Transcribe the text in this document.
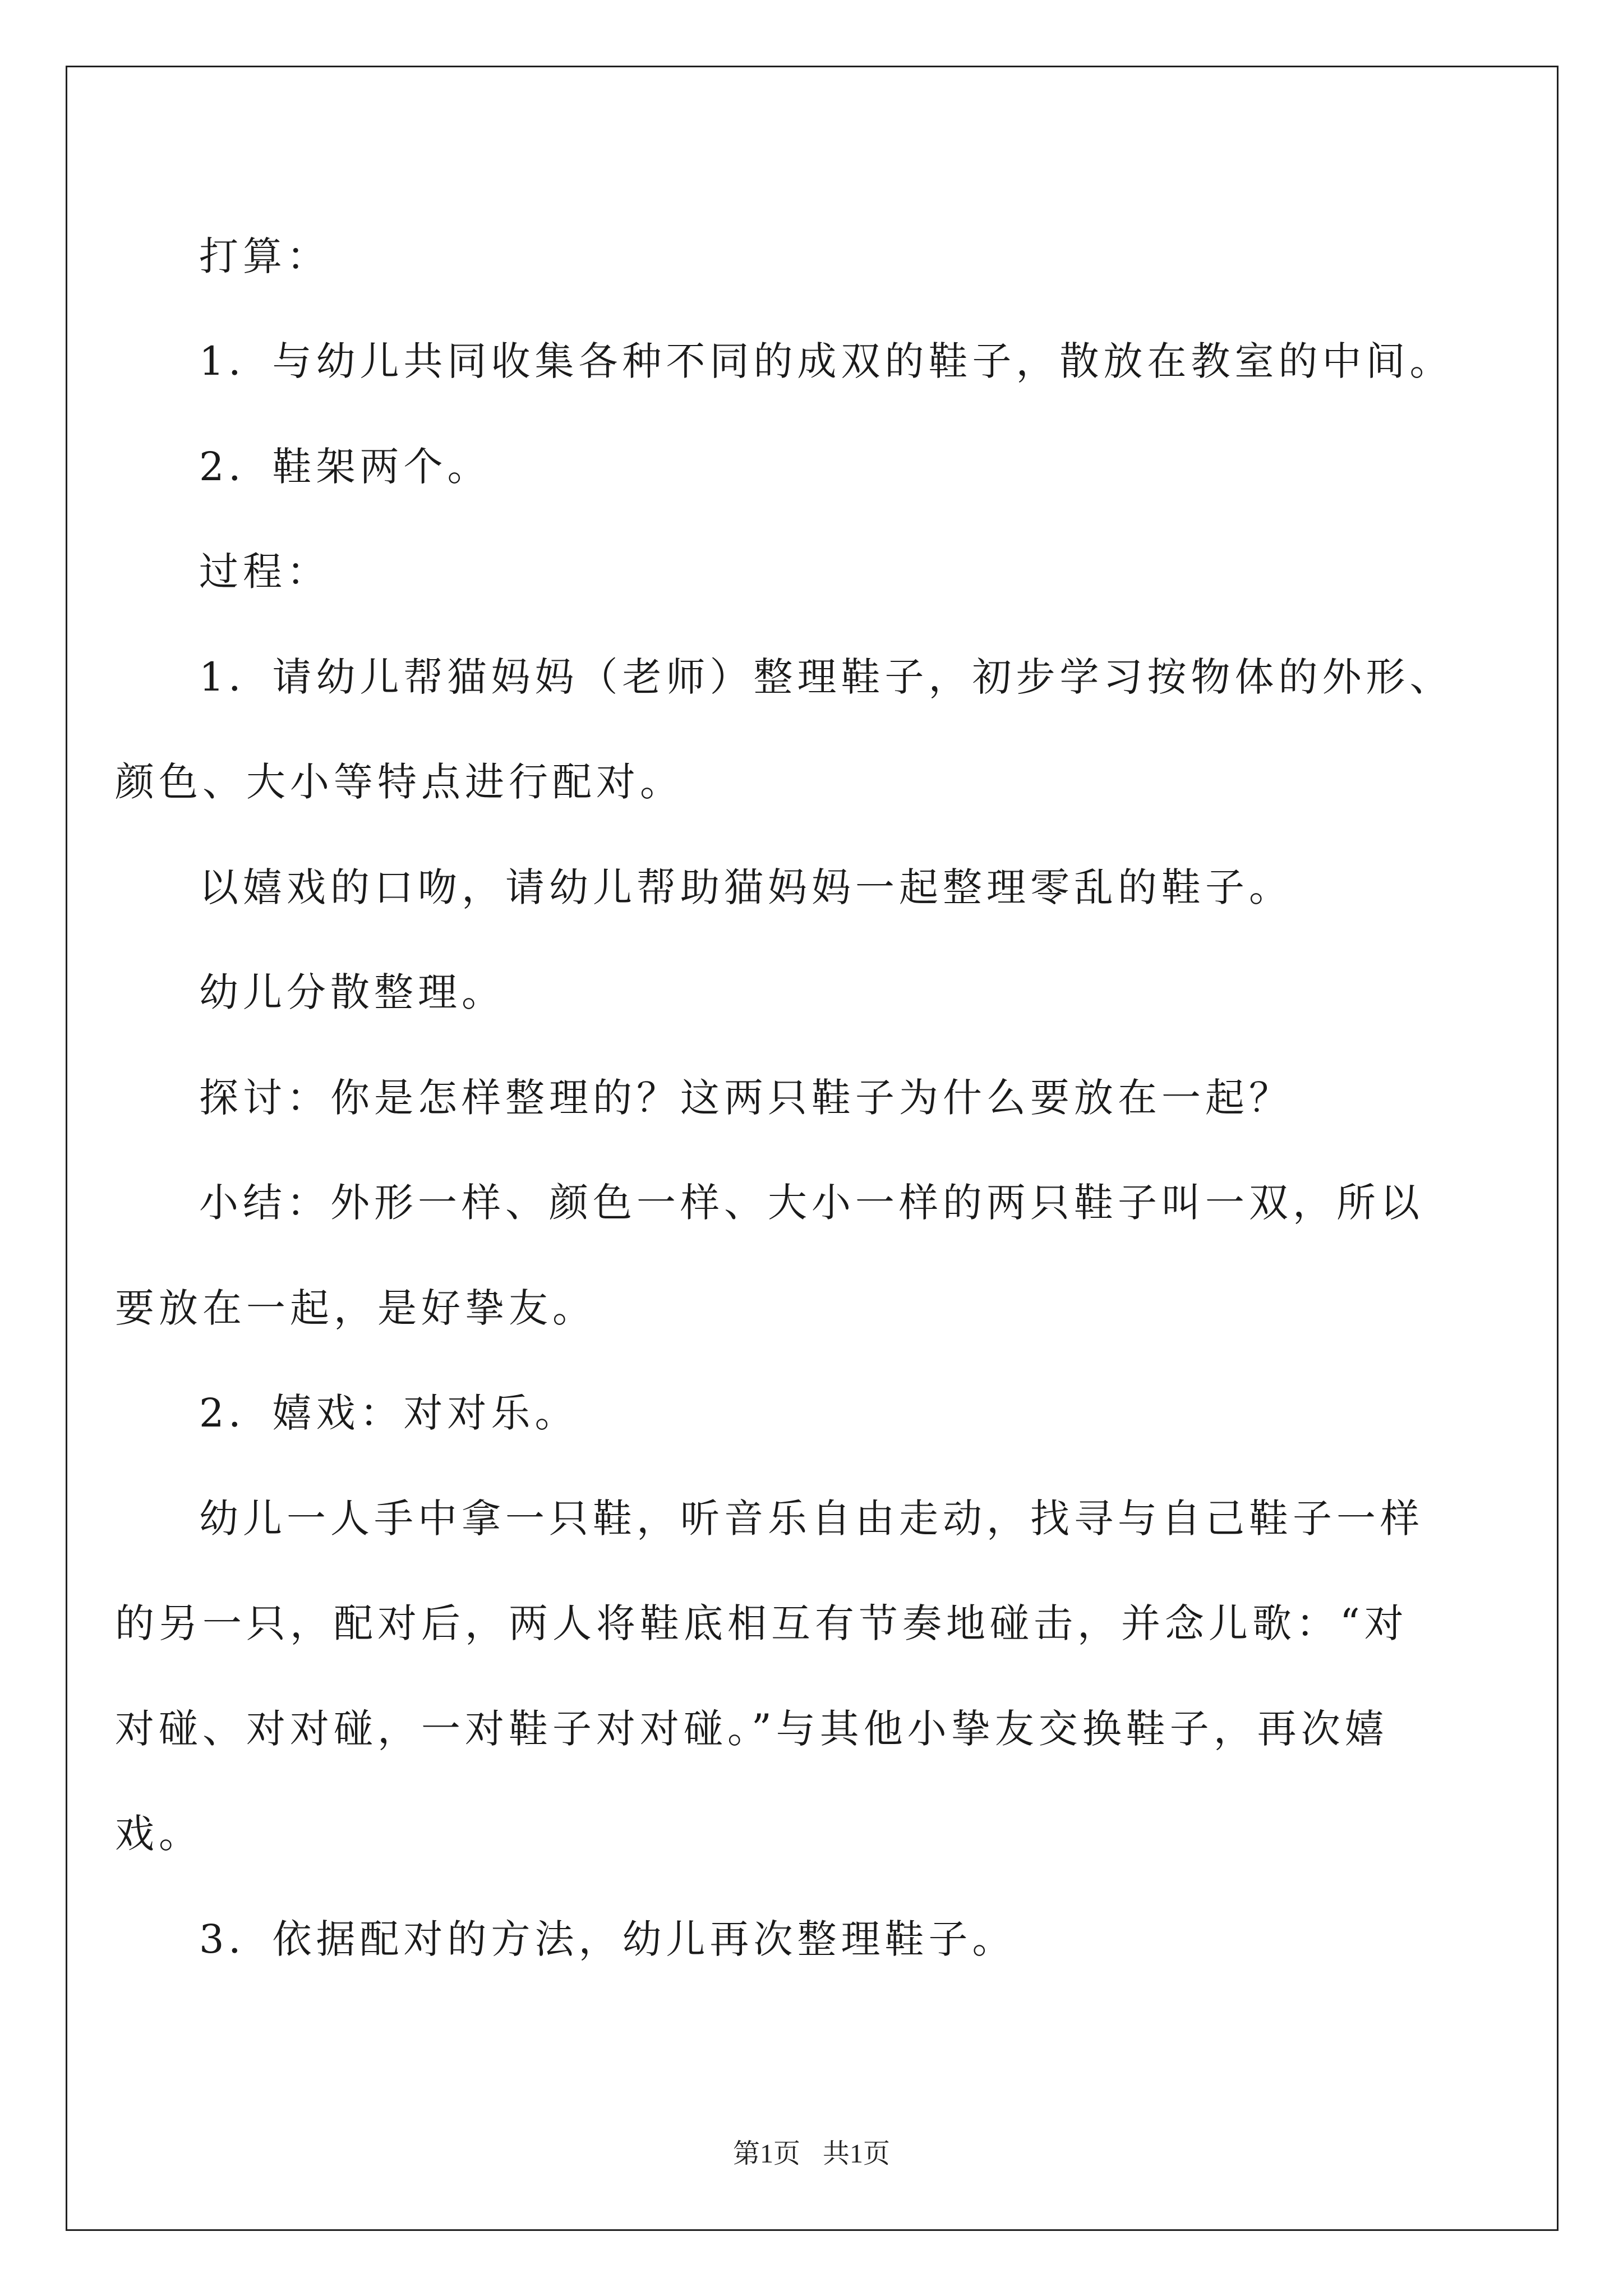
打算：
1．与幼儿共同收集各种不同的成双的鞋子，散放在教室的中间。
2．鞋架两个。
过程：
1．请幼儿帮猫妈妈（老师）整理鞋子，初步学习按物体的外形、
颜色、大小等特点进行配对。
以嬉戏的口吻，请幼儿帮助猫妈妈一起整理零乱的鞋子。
幼儿分散整理。
探讨：你是怎样整理的？这两只鞋子为什么要放在一起？
小结：外形一样、颜色一样、大小一样的两只鞋子叫一双，所以
要放在一起，是好挚友。
2．嬉戏：对对乐。
幼儿一人手中拿一只鞋，听音乐自由走动，找寻与自己鞋子一样
的另一只，配对后，两人将鞋底相互有节奏地碰击，并念儿歌：“对
对碰、对对碰，一对鞋子对对碰。”与其他小挚友交换鞋子，再次嬉
戏。
3．依据配对的方法，幼儿再次整理鞋子。
第1页 共1页
